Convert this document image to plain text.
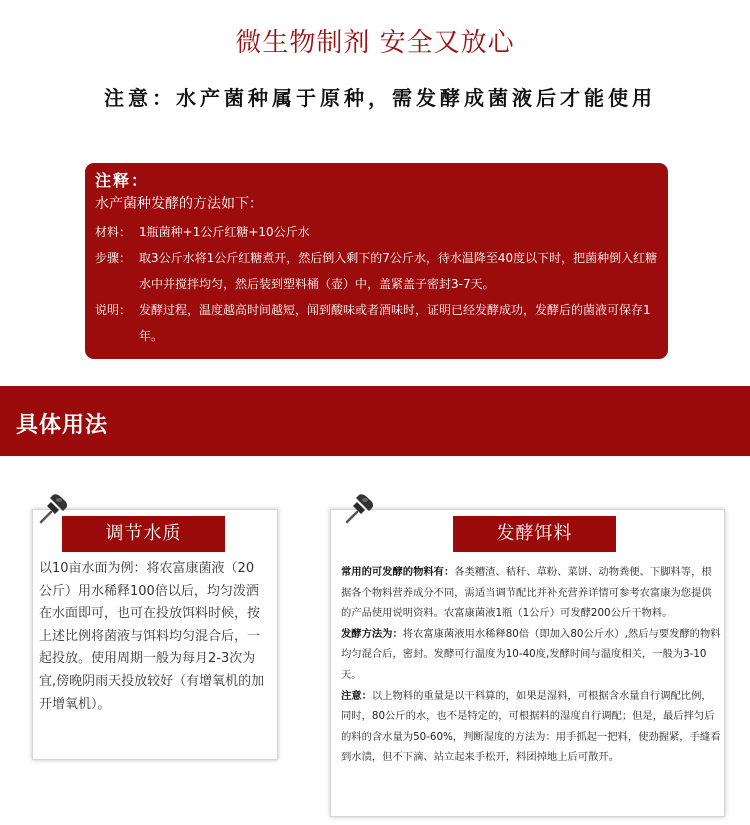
微生物制剂 安全又放心
注意：水产菌种属于原种，需发酵成菌液后才能使用
注释：
水产菌种发酵的方法如下：
材料： 1瓶菌种+1公斤红糖+10公斤水
步骤： 取3公斤水将1公斤红糖煮开，然后倒入剩下的7公斤水，待水温降至40度以下时，把菌种倒入红糖水中并搅拌均匀，然后装到塑料桶（壶）中，盖紧盖子密封3-7天。
说明： 发酵过程，温度越高时间越短，闻到酸味或者酒味时，证明已经发酵成功，发酵后的菌液可保存1年。
具体用法
调节水质
以10亩水面为例：将农富康菌液（20公斤）用水稀释100倍以后，均匀泼洒在水面即可，也可在投放饵料时候，按上述比例将菌液与饵料均匀混合后，一起投放。使用周期一般为每月2-3次为宜,傍晚阴雨天投放较好（有增氧机的加开增氧机）。
发酵饵料
常用的可发酵的物料有：各类糟渣、秸秆、草粉、菜饼、动物粪便、下脚料等，根据各个物料营养成分不同，需适当调节配比并补充营养详情可参考农富康为您提供的产品使用说明资料。农富康菌液1瓶（1公斤）可发酵200公斤干物料。
发酵方法为：将农富康菌液用水稀释80倍（即加入80公斤水）,然后与要发酵的物料均匀混合后，密封。发酵可行温度为10-40度,发酵时间与温度相关，一般为3-10天。
注意：以上物料的重量是以干料算的，如果是湿料，可根据含水量自行调配比例，同时，80公斤的水，也不是特定的，可根据料的湿度自行调配；但是，最后拌匀后的料的含水量为50-60%，判断湿度的方法为：用手抓起一把料，使劲握紧，手缝看到水渍，但不下滴、站立起来手松开，料团掉地上后可散开。
